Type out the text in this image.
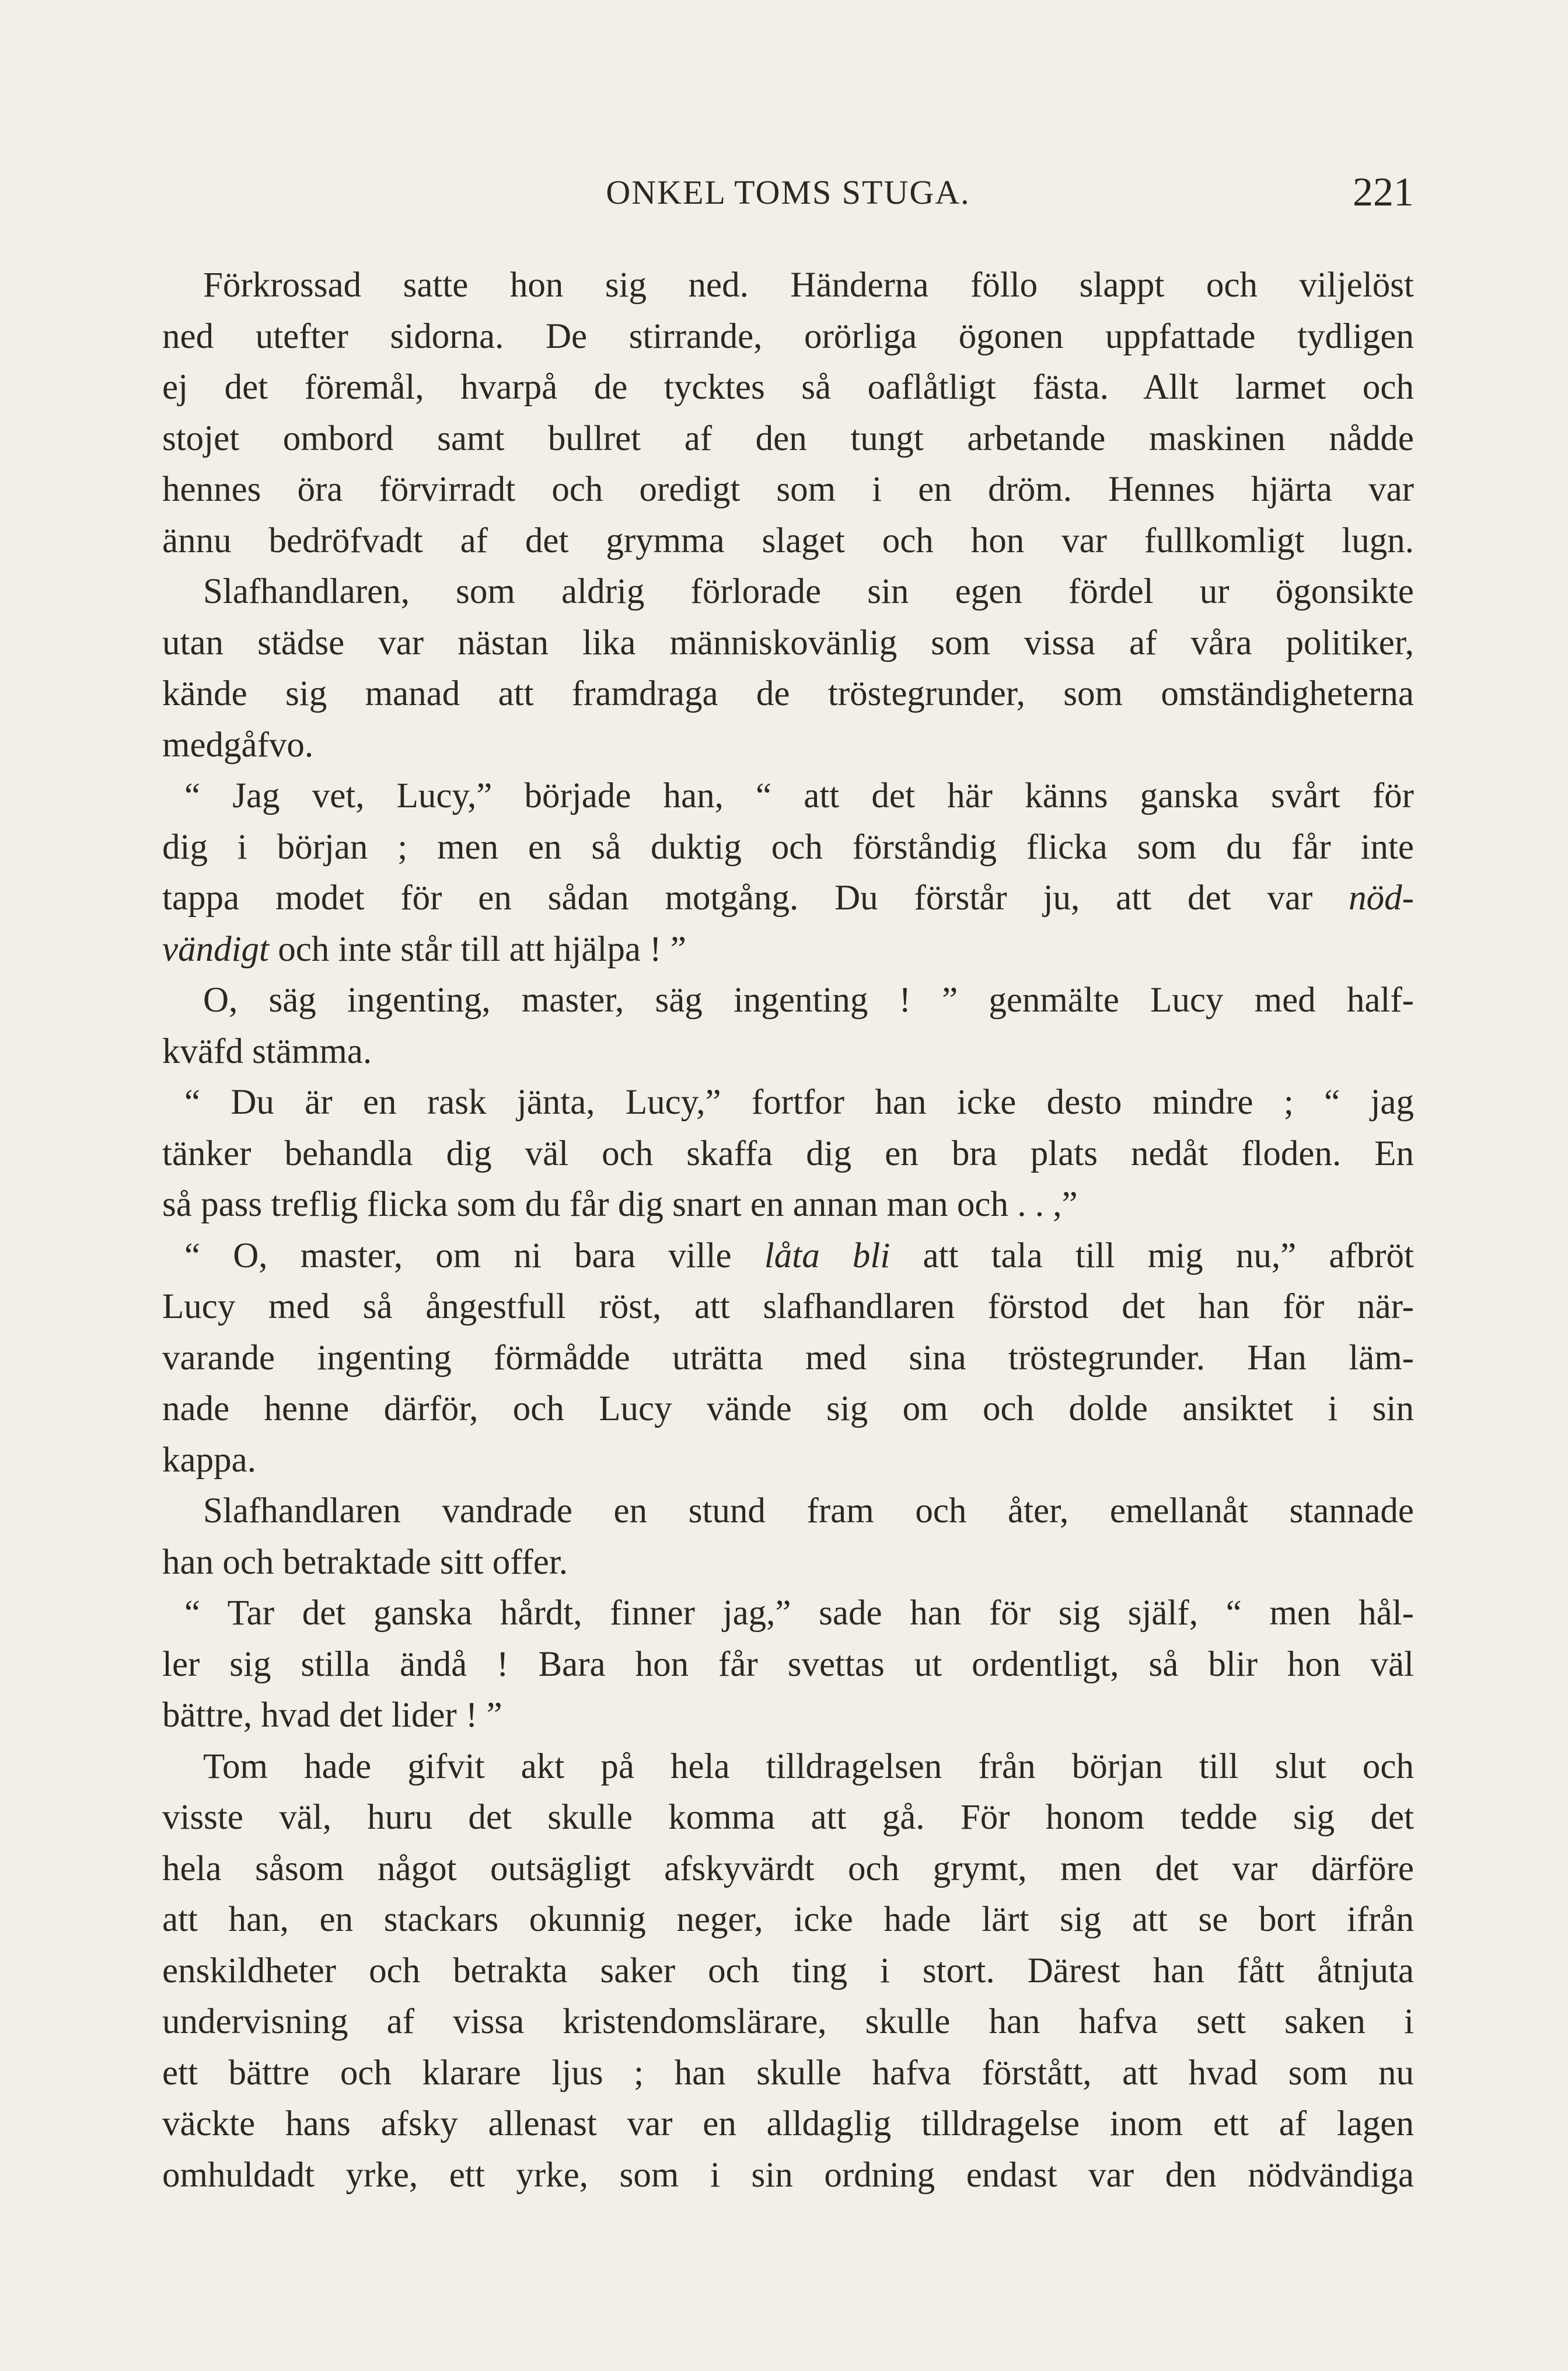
ONKEL TOMS STUGA.	221
Förkrossad satte hon sig ned. Händerna föllo slappt och viljelöst
ned utefter sidorna. De stirrande, orörliga ögonen uppfattade tydligen
ej det föremål, hvarpå de tycktes så oaflåtligt fästa. Allt larmet och
stojet ombord samt bullret af den tungt arbetande maskinen nådde
hennes öra förvirradt och oredigt som i en dröm. Hennes hjärta var
ännu bedröfvadt af det grymma slaget och hon var fullkomligt lugn.
Slafhandlaren, som aldrig förlorade sin egen fördel ur ögonsikte
utan städse var nästan lika människovänlig som vissa af våra politiker,
kände sig manad att framdraga de tröstegrunder, som omständigheterna
medgåfvo.
“ Jag vet, Lucy,” började han, “ att det här känns ganska svårt för
dig i början ; men en så duktig och förståndig flicka som du får inte
tappa modet för en sådan motgång. Du förstår ju, att det var nöd-
vändigt och inte står till att hjälpa ! ”
O, säg ingenting, master, säg ingenting ! ” genmälte Lucy med half-
kväfd stämma.
“ Du är en rask jänta, Lucy,” fortfor han icke desto mindre ; “ jag
tänker behandla dig väl och skaffa dig en bra plats nedåt floden. En
så pass treflig flicka som du får dig snart en annan man och . . ,”
“ O, master, om ni bara ville låta bli att tala till mig nu,” afbröt
Lucy med så ångestfull röst, att slafhandlaren förstod det han för när-
varande ingenting förmådde uträtta med sina tröstegrunder. Han läm-
nade henne därför, och Lucy vände sig om och dolde ansiktet i sin
kappa.
Slafhandlaren vandrade en stund fram och åter, emellanåt stannade
han och betraktade sitt offer.
“ Tar det ganska hårdt, finner jag,” sade han för sig själf, “ men hål-
ler sig stilla ändå ! Bara hon får svettas ut ordentligt, så blir hon väl
bättre, hvad det lider ! ”
Tom hade gifvit akt på hela tilldragelsen från början till slut och
visste väl, huru det skulle komma att gå. För honom tedde sig det
hela såsom något outsägligt afskyvärdt och grymt, men det var därföre
att han, en stackars okunnig neger, icke hade lärt sig att se bort ifrån
enskildheter och betrakta saker och ting i stort. Därest han fått åtnjuta
undervisning af vissa kristendomslärare, skulle han hafva sett saken i
ett bättre och klarare ljus ; han skulle hafva förstått, att hvad som nu
väckte hans afsky allenast var en alldaglig tilldragelse inom ett af lagen
omhuldadt yrke, ett yrke, som i sin ordning endast var den nödvändiga
